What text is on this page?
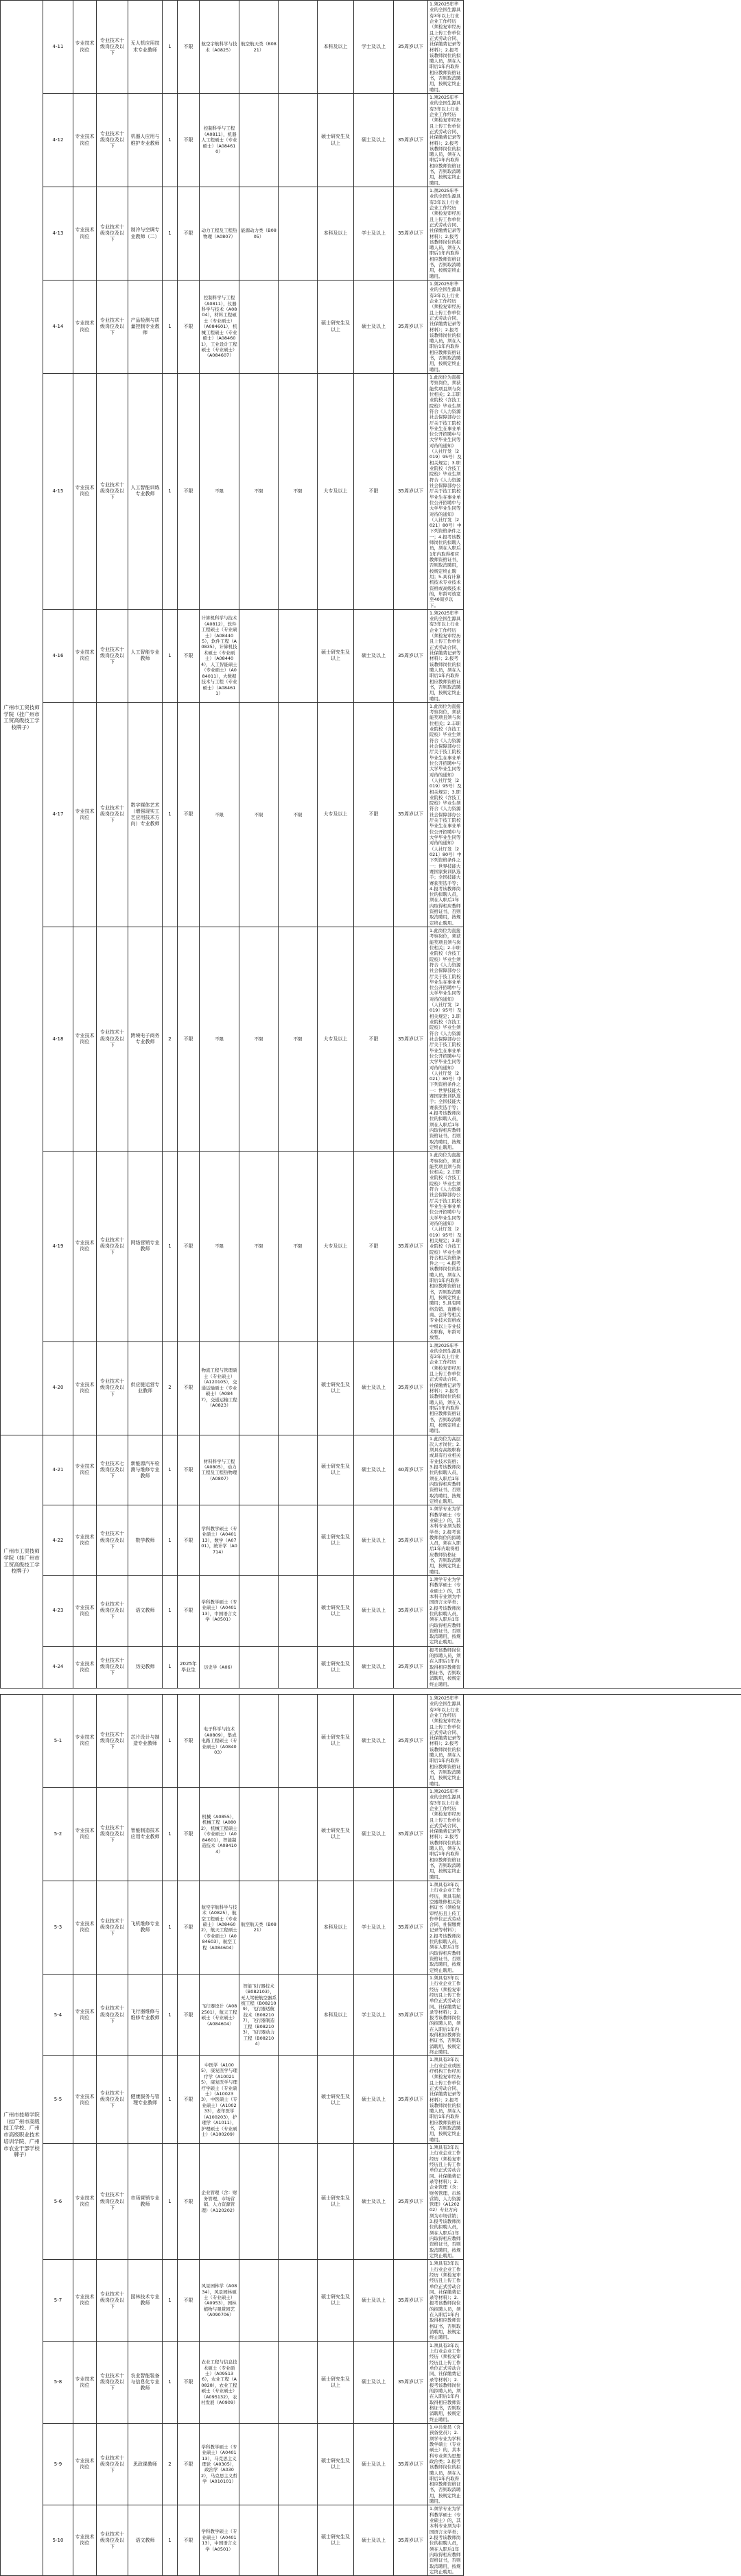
广州市工贸技师学院（挂广州市工贸高级技工学校牌子）	4-11	专业技术岗位	专业技术十级岗位及以下	无人机应用技术专业教师	1	不限	航空宇航科学与技术（A0825）	航空航天类（B0821）		本科及以上	学士及以上	35周岁以下	1.须2025年毕业的全国生源具有3年以上行业企业工作经历（须检复审经历且上传工作单位正式劳动合同、社保缴费记录等材料）；2.报考该教师岗位的拟聘人员，须在入职后1年内取得相应教师资格证书，否则取消聘用，按规定终止聘用。
	4-12	专业技术岗位	专业技术十级岗位及以下	机器人应用与维护专业教师	1	不限	控制科学与工程（A0811），机器人工程硕士（专业硕士）（A084610）			硕士研究生及以上	硕士及以上	35周岁以下	1.须2025年毕业的全国生源具有3年以上行业企业工作经历（须检复审经历且上传工作单位正式劳动合同、社保缴费记录等材料）；2.报考该教师岗位的拟聘人员，须在入职后1年内取得相应教师资格证书，否则取消聘用，按规定终止聘用。
	4-13	专业技术岗位	专业技术十级岗位及以下	制冷与空调专业教师（二）	1	不限	动力工程及工程热物理（A0807）	能源动力类（B0805）		本科及以上	学士及以上	35周岁以下	1.须2025年毕业的全国生源具有3年以上行业企业工作经历（须检复审经历且上传工作单位正式劳动合同、社保缴费记录等材料）；2.报考该教师岗位的拟聘人员，须在入职后1年内取得相应教师资格证书，否则取消聘用，按规定终止聘用。
	4-14	专业技术岗位	专业技术十级岗位及以下	产品检测与质量控制专业教师	1	不限	控制科学与工程（A0811），仪器科学与技术（A0804），材料工程硕士（专业硕士）（A084601），机械工程硕士（专业硕士）（A084601），工业设计工程硕士（专业硕士）（A084607）			硕士研究生及以上	硕士及以上	35周岁以下	1.须2025年毕业的全国生源具有3年以上行业企业工作经历（须检复审经历且上传工作单位正式劳动合同、社保缴费记录等材料）；2.报考该教师岗位的拟聘人员，须在入职后1年内取得相应教师资格证书，否则取消聘用，按规定终止聘用。
	4-15	专业技术岗位	专业技术十级岗位及以下	人工智能训练专业教师	1	不限	不限	不限	不限	大专及以上	不限	35周岁以下	1.此岗位为直接考察岗位，须获能奖项且须与岗位相关；2.丰职业院校（含技工院校）毕业生须符合《人力资源社会保障部办公厅关于技工院校毕业生在事业单位公开招聘中与大学毕业生同等对待的通知》（人社厅发〔2019〕95号）及相关规定；3.职业院校（含技工院校）毕业生须符合《人力资源社会保障部办公厅关于技工院校毕业生在事业单位公开招聘中与大学毕业生同等对待的通知》（人社厅发〔2021〕80号）中下列资格条件之一；4.报考该教师岗位的拟聘人员，须在入职后1年内取得相应教师资格证书，否则取消聘用，按规定终止聘用；5.具有计算机技术专业技术资格或高级技术的，年龄可放宽至40周岁以下。
	4-16	专业技术岗位	专业技术十级岗位及以下	人工智能专业教师	1	不限	计算机科学与技术（A0812），软件工程硕士（专业硕士）（A084405），软件工程（A0835），计算机技术硕士（专业硕士）（A084404），人工智能硕士（专业硕士）（A084011），大数据技术与工程（专业硕士）（A084611）			硕士研究生及以上	硕士及以上	35周岁以下	1.须2025年毕业的全国生源具有3年以上行业企业工作经历（须检复审经历且上传工作单位正式劳动合同、社保缴费记录等材料）；2.报考该教师岗位的拟聘人员，须在入职后1年内取得相应教师资格证书，否则取消聘用，按规定终止聘用。
	4-17	专业技术岗位	专业技术十级岗位及以下	数字媒体艺术（增强现实工艺应用技术方向）专业教师	1	不限	不限	不限	不限	大专及以上	不限	35周岁以下	1.此岗位为直接考察岗位，须获能奖项且须与岗位相关；2.丰职业院校（含技工院校）毕业生须符合《人力资源社会保障部办公厅关于技工院校毕业生在事业单位公开招聘中与大学毕业生同等对待的通知》（人社厅发〔2019〕95号）及相关规定；3.职业院校（含技工院校）毕业生须符合《人力资源社会保障部办公厅关于技工院校毕业生在事业单位公开招聘中与大学毕业生同等对待的通知》（人社厅发〔2021〕80号）中下列资格条件之一：世界技能大赛国家集训队选手；全国技能大赛获奖选手等；4.报考该教师岗位的拟聘人员，须在入职后1年内取得相应教师资格证书，否则取消聘用，按规定终止聘用。
	4-18	专业技术岗位	专业技术十级岗位及以下	跨境电子商务专业教师	2	不限	不限	不限	不限	大专及以上	不限	35周岁以下	1.此岗位为直接考察岗位，须获能奖项且须与岗位相关；2.丰职业院校（含技工院校）毕业生须符合《人力资源社会保障部办公厅关于技工院校毕业生在事业单位公开招聘中与大学毕业生同等对待的通知》（人社厅发〔2019〕95号）及相关规定；3.职业院校（含技工院校）毕业生须符合《人力资源社会保障部办公厅关于技工院校毕业生在事业单位公开招聘中与大学毕业生同等对待的通知》（人社厅发〔2021〕80号）中下列资格条件之一：世界技能大赛国家集训队选手；全国技能大赛获奖选手等；4.报考该教师岗位的拟聘人员，须在入职后1年内取得相应教师资格证书，否则取消聘用，按规定终止聘用。
	4-19	专业技术岗位	专业技术十级岗位及以下	网络营销专业教师	1	不限	不限	不限	不限	大专及以上	不限	35周岁以下	1.此岗位为直接考察岗位，须获能奖项且须与岗位相关；2.丰职业院校（含技工院校）毕业生须符合《人力资源社会保障部办公厅关于技工院校毕业生在事业单位公开招聘中与大学毕业生同等对待的通知》（人社厅发〔2019〕95号）及相关规定；3.职业院校（含技工院校）毕业生须符合相关资格条件之一；4.报考该教师岗位的拟聘人员，须在入职后1年内取得相应教师资格证书，否则取消聘用，按规定终止聘用；5.具有网络营销、直播电商、会计等相关专业技术资格或中级以上专业技术职称，年龄可放宽。
	4-20	专业技术岗位	专业技术十级岗位及以下	供应链运营专业教师	2	不限	物流工程与管理硕士（专业硕士）（A120105），交通运输硕士（专业硕士）（A0847），交通运输工程（A0823）			硕士研究生及以上	硕士及以上	35周岁以下	1.须2025年毕业的全国生源具有3年以上行业企业工作经历（须检复审经历且上传工作单位正式劳动合同、社保缴费记录等材料）；2.报考该教师岗位的拟聘人员，须在入职后1年内取得相应教师资格证书，否则取消聘用，按规定终止聘用。
广州市工贸技师学院（挂广州市工贸高级技工学校牌子）	4-21	专业技术岗位	专业技术七级岗位及以下	新能源汽车检测与维修专业教师	1	不限	材料科学与工程（A0805），动力工程及工程热物理（A0807）			硕士研究生及以上	硕士及以上	40周岁以下	1.此岗位为高层次人才岗位；2.须具有高级职称或具有行业相关专业技术资格；3.报考该教师岗位的拟聘人员，须在入职后1年内取得相应教师资格证书，否则取消聘用，按规定终止聘用。
	4-22	专业技术岗位	专业技术十级岗位及以下	数学教师	1	不限	学科教学硕士（专业硕士）（A040113），数学（A0701），统计学（A0714）			硕士研究生及以上	硕士及以上	35周岁以下	1.须学专业为学科教学硕士（专业硕士）的，其本科专业须为数学类；2.报考该教师岗位的拟聘人员，须在入职后1年内取得相应教师资格证书，否则取消聘用，按规定终止聘用。
	4-23	专业技术岗位	专业技术十级岗位及以下	语文教师	1	不限	学科教学硕士（专业硕士）（A040113），中国语言文学（A0501）			硕士研究生及以上	硕士及以上	35周岁以下	1.须学专业为学科教学硕士（专业硕士）的，其本科专业须为中国语言文学类；2.报考该教师岗位的拟聘人员，须在入职后1年内取得相应教师资格证书，否则取消聘用，按规定终止聘用。
	4-24	专业技术岗位	专业技术十级岗位及以下	历史教师	1	2025年毕业生	历史学（A06）			硕士研究生及以上	硕士及以上	35周岁以下	报考该教师岗位的拟聘人员，须在入职后1年内取得相应教师资格证书，否则取消聘用，按规定终止聘用。

广州市技师学院（挂广州市高级技工学校、广州市高级职业技术培训学院、广州市农业干部学校牌子）	5-1	专业技术岗位	专业技术十级岗位及以下	芯片设计与制造专业教师	1	不限	电子科学与技术（A0809），集成电路工程硕士（专业硕士）（A084003）			硕士研究生及以上	硕士及以上	35周岁以下	1.须2025年毕业的全国生源具有3年以上行业企业工作经历（须检复审经历且上传工作单位正式劳动合同、社保缴费记录等材料）；2.报考该教师岗位的拟聘人员，须在入职后1年内取得相应教师资格证书，否则取消聘用，按规定终止聘用。
	5-2	专业技术岗位	专业技术十级岗位及以下	智能制造技术应用专业教师	1	不限	机械（A0855），机械工程（A0802），机械工程硕士（专业硕士）（A084601），智能制造技术（A084104）			硕士研究生及以上	硕士及以上	35周岁以下	1.须2025年毕业的全国生源具有3年以上行业企业工作经历（须检复审经历且上传工作单位正式劳动合同、社保缴费记录等材料）；2.报考该教师岗位的拟聘人员，须在入职后1年内取得相应教师资格证书，否则取消聘用，按规定终止聘用。
	5-3	专业技术岗位	专业技术十级岗位及以下	飞机维修专业教师	1	不限	航空宇航科学与技术（A0825），航空工程硕士（专业硕士）（A084602），航天工程硕士（专业硕士）（A084603），航空工程（A084604）	航空航天类（B0821）		本科及以上	学士及以上	35周岁以下	1.须具有3年以上行业企业工作经历，须具有航空器维修相关资格证书（须检复审经历且上传工作单位正式劳动合同、社保缴费记录等材料）；2.报考该教师岗位的拟聘人员，须在入职后1年内取得相应教师资格证书，否则取消聘用，按规定终止聘用。
	5-4	专业技术岗位	专业技术十级岗位及以下	飞行器维修与维修专业教师	1	不限	飞行器设计（A082501），航天工程硕士（专业硕士）（A084604）	智能飞行器技术（B082103），无人驾驶航空器系统工程（B082109），飞行器适航技术（B082107），飞行器制造工程（B082103），飞行器动力工程（B082104）		本科及以上	学士及以上	35周岁以下	1.须具有3年以上行业企业工作经历（须检复审经历且上传工作单位正式劳动合同、社保缴费记录等材料）；2.报考该教师岗位的拟聘人员，须在入职后1年内取得相应教师资格证书，否则取消聘用，按规定终止聘用。
	5-5	专业技术岗位	专业技术十级岗位及以下	健康服务与管理专业教师	1	不限	中医学（A1005），康复医学与理疗学（A100215），康复医学与理疗学硕士（专业硕士）（A100233），中医硕士（专业硕士）（A100233），老年医学（A100203），护理学（A1011），护理硕士（专业硕士）（A100209）			硕士研究生及以上	硕士及以上	35周岁以下	1.须具有3年以上行业企业或医疗机构工作经历（须检复审经历且上传工作单位正式劳动合同、社保缴费记录等材料）；2.报考该教师岗位的拟聘人员，须在入职后1年内取得相应教师资格证书，否则取消聘用，按规定终止聘用。
	5-6	专业技术岗位	专业技术十级岗位及以下	市场营销专业教师	1	不限	企业管理（含：财务管理、市场营销、人力资源管理）（A120202）			硕士研究生及以上	硕士及以上	35周岁以下	1.须具有3年以上行业企业工作经历（须检复审经历且上传工作单位正式劳动合同、社保缴费记录等材料）；2.企业管理（含：财务管理、市场营销、人力资源管理）（A120202）专业方向须为市场营销；3.报考该教师岗位的拟聘人员，须在入职后1年内取得相应教师资格证书，否则取消聘用，按规定终止聘用。
	5-7	专业技术岗位	专业技术十级岗位及以下	园林技术专业教师	1	不限	风景园林学（A0834），风景园林硕士（专业硕士）（A0953），园林植物与观赏园艺（A090706）			硕士研究生及以上	硕士及以上	35周岁以下	1.须具有3年以上行业企业工作经历（须检复审经历且上传工作单位正式劳动合同、社保缴费记录等材料）；2.报考该教师岗位的拟聘人员，须在入职后1年内取得相应教师资格证书，否则取消聘用，按规定终止聘用。
	5-8	专业技术岗位	专业技术十级岗位及以下	农业智能装备与信息化专业教师	1	不限	农业工程与信息技术硕士（专业硕士）（A095136），农业工程（A0828），农业工程硕士（专业硕士）（A095132），农村发展（A0909）			硕士研究生及以上	硕士及以上	35周岁以下	1.须具有3年以上行业企业工作经历（须检复审经历且上传工作单位正式劳动合同、社保缴费记录等材料）；2.报考该教师岗位的拟聘人员，须在入职后1年内取得相应教师资格证书，否则取消聘用，按规定终止聘用。
	5-9	专业技术岗位	专业技术十级岗位及以下	思政课教师	2	不限	学科教学硕士（专业硕士）（A040113），马克思主义理论（A0305），政治学（A0302），马克思主义哲学（A010101）			硕士研究生及以上	硕士及以上	35周岁以下	1.中共党员（含预备党员）；2.须学专业为学科教学硕士（专业硕士）的，其本科专业须为思想政治类；3.报考该教师岗位的拟聘人员，须在入职后1年内取得相应教师资格证书，否则取消聘用，按规定终止聘用。
	5-10	专业技术岗位	专业技术十级岗位及以下	语文教师	1	不限	学科教学硕士（专业硕士）（A040113），中国语言文学（A0501）			硕士研究生及以上	硕士及以上	35周岁以下	1.须学专业为学科教学硕士（专业硕士）的，其本科专业须为中国语言文学类；2.报考该教师岗位的拟聘人员，须在入职后1年内取得相应教师资格证书，否则取消聘用，按规定终止聘用。
